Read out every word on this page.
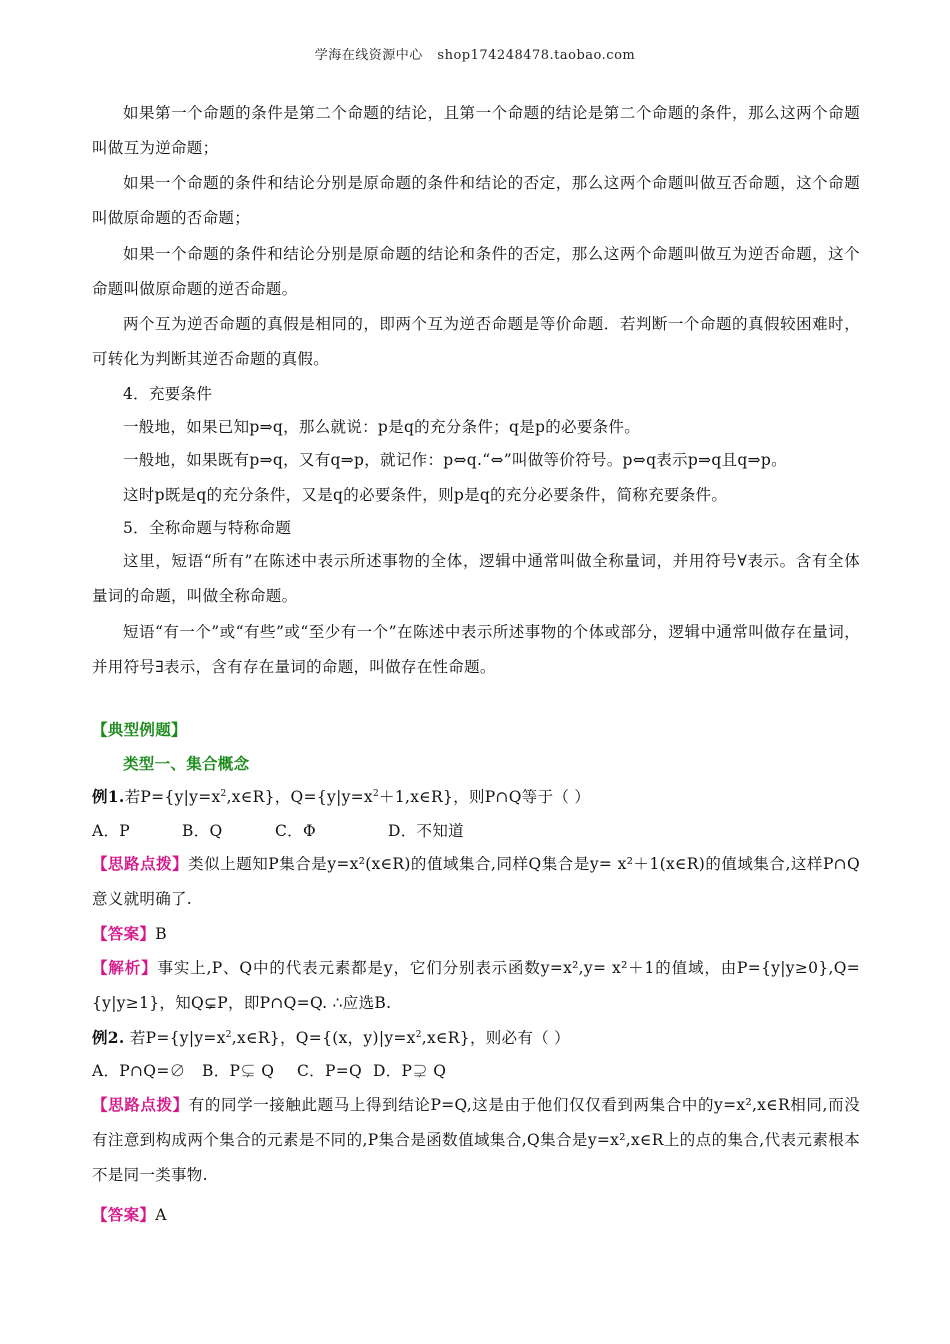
学海在线资源中心 shop174248478.taobao.com
如果第一个命题的条件是第二个命题的结论，且第一个命题的结论是第二个命题的条件，那么这两个命题叫做互为逆命题；
如果一个命题的条件和结论分别是原命题的条件和结论的否定，那么这两个命题叫做互否命题，这个命题叫做原命题的否命题；
如果一个命题的条件和结论分别是原命题的结论和条件的否定，那么这两个命题叫做互为逆否命题，这个命题叫做原命题的逆否命题。
两个互为逆否命题的真假是相同的，即两个互为逆否命题是等价命题．若判断一个命题的真假较困难时，可转化为判断其逆否命题的真假。
4．充要条件
一般地，如果已知p⇒q，那么就说：p是q的充分条件；q是p的必要条件。
一般地，如果既有p⇒q，又有q⇒p，就记作：p⇔q.“⇔”叫做等价符号。p⇔q表示p⇒q且q⇒p。
这时p既是q的充分条件，又是q的必要条件，则p是q的充分必要条件，简称充要条件。
5．全称命题与特称命题
这里，短语“所有”在陈述中表示所述事物的全体，逻辑中通常叫做全称量词，并用符号∀表示。含有全体量词的命题，叫做全称命题。
短语“有一个”或“有些”或“至少有一个”在陈述中表示所述事物的个体或部分，逻辑中通常叫做存在量词，并用符号∃表示，含有存在量词的命题，叫做存在性命题。
【典型例题】
类型一、集合概念
例1.若$P=\{y|y=x^2,x\in R\}$，$Q=\{y|y=x^2+1,x\in R\}$，则P∩Q等于（ ）
A．P	B．Q	C．Φ	D．不知道
【思路点拨】类似上题知P集合是y=x²(x∈R)的值域集合,同样Q集合是y= x²＋1(x∈R)的值域集合,这样P∩Q意义就明确了.
【答案】B
【解析】事实上,P、Q中的代表元素都是y，它们分别表示函数y=x²,y= x²＋1的值域，由P={y|y≥0},Q={y|y≥1}，知Q⊊P，即P∩Q=Q. ∴应选B.
例2. 若$P=\{y|y=x^2,x\in R\}$，Q={(x，$y)|y=x^2,x\in R$}，则必有（ ）
A．P∩Q=∅ B．P⊊ Q C．P=Q D．P⊋ Q
【思路点拨】有的同学一接触此题马上得到结论P=Q,这是由于他们仅仅看到两集合中的y=x²,x∈R相同,而没有注意到构成两个集合的元素是不同的,P集合是函数值域集合,Q集合是y=x²,x∈R上的点的集合,代表元素根本不是同一类事物.
【答案】A
